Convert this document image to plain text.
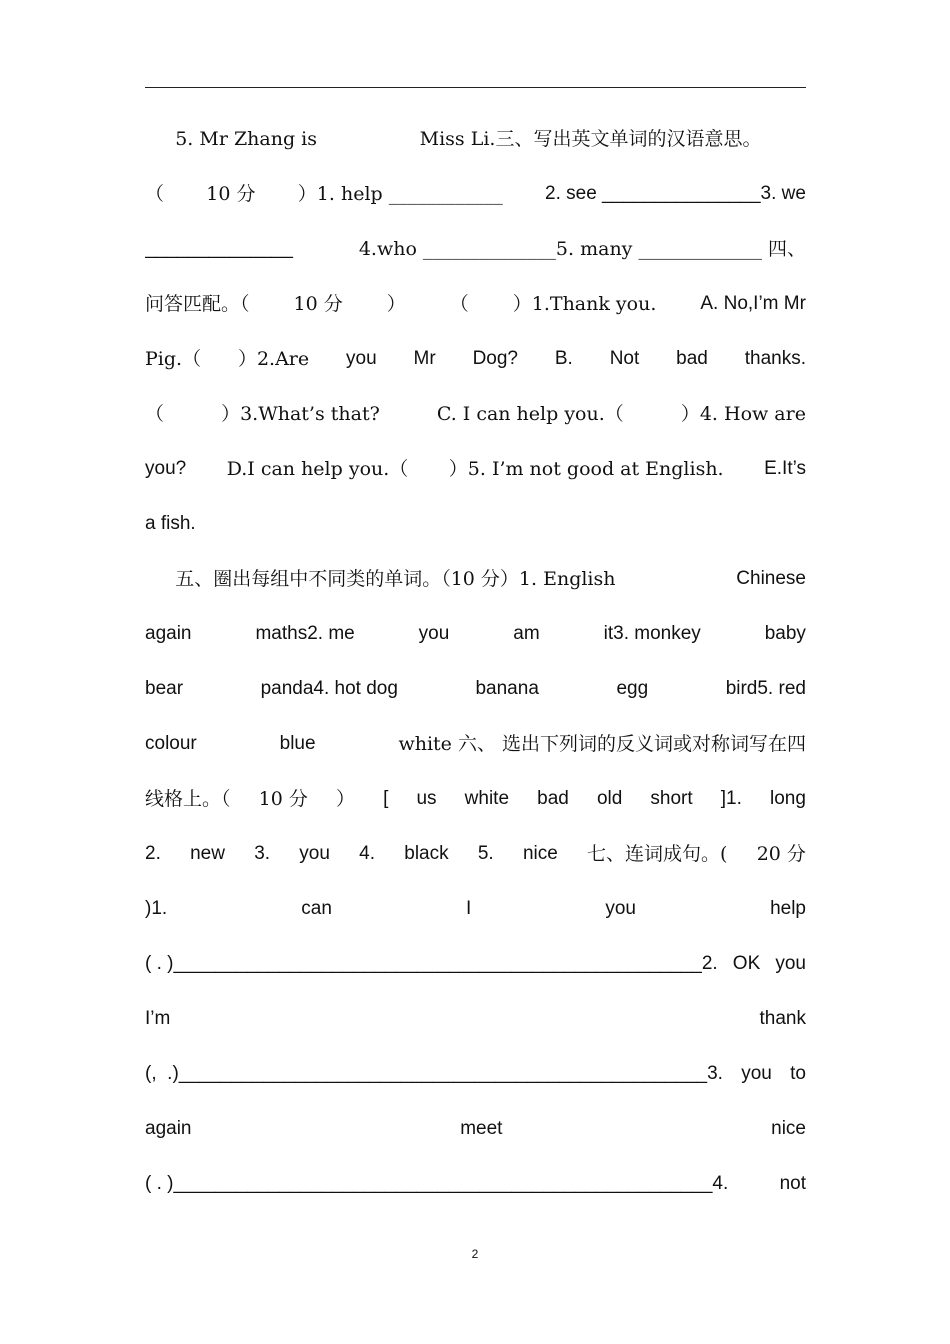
5. Mr Zhang is                 Miss Li.三、写出英文单词的汉语意思。
（ 10 分 ）1. help ____________ 2. see _______________3. we
______________	4.who ______________5. many _____________ 四、
问答匹配。（ 10 分 ） （ ）1.Thank you. A. No,I’m Mr
Pig.（ ）2.Are you Mr Dog? B. Not bad thanks.
（	）3.What’s that?	C. I can help you.（	）4. How are
you? D.I can help you.（ ）5. I’m not good at English. E.It’s
a fish.
五、圈出每组中不同类的单词。（10 分）1. English	Chinese
again	maths2. me	you	am	it3. monkey	baby
bear	panda4. hot dog	banana	egg	bird5. red
colour	blue	white 六、 选出下列词的反义词或对称词写在四
线格上。（ 10 分 ） [ us white bad old short ]1. long
2. new 3. you 4. black 5. nice 七、连词成句。( 20 分
)1.	can	I	you	help
( . )__________________________________________________2. OK you
I’m	thank
(,  .)__________________________________________________3. you to
again	meet	nice
( . )___________________________________________________4.	not
2
